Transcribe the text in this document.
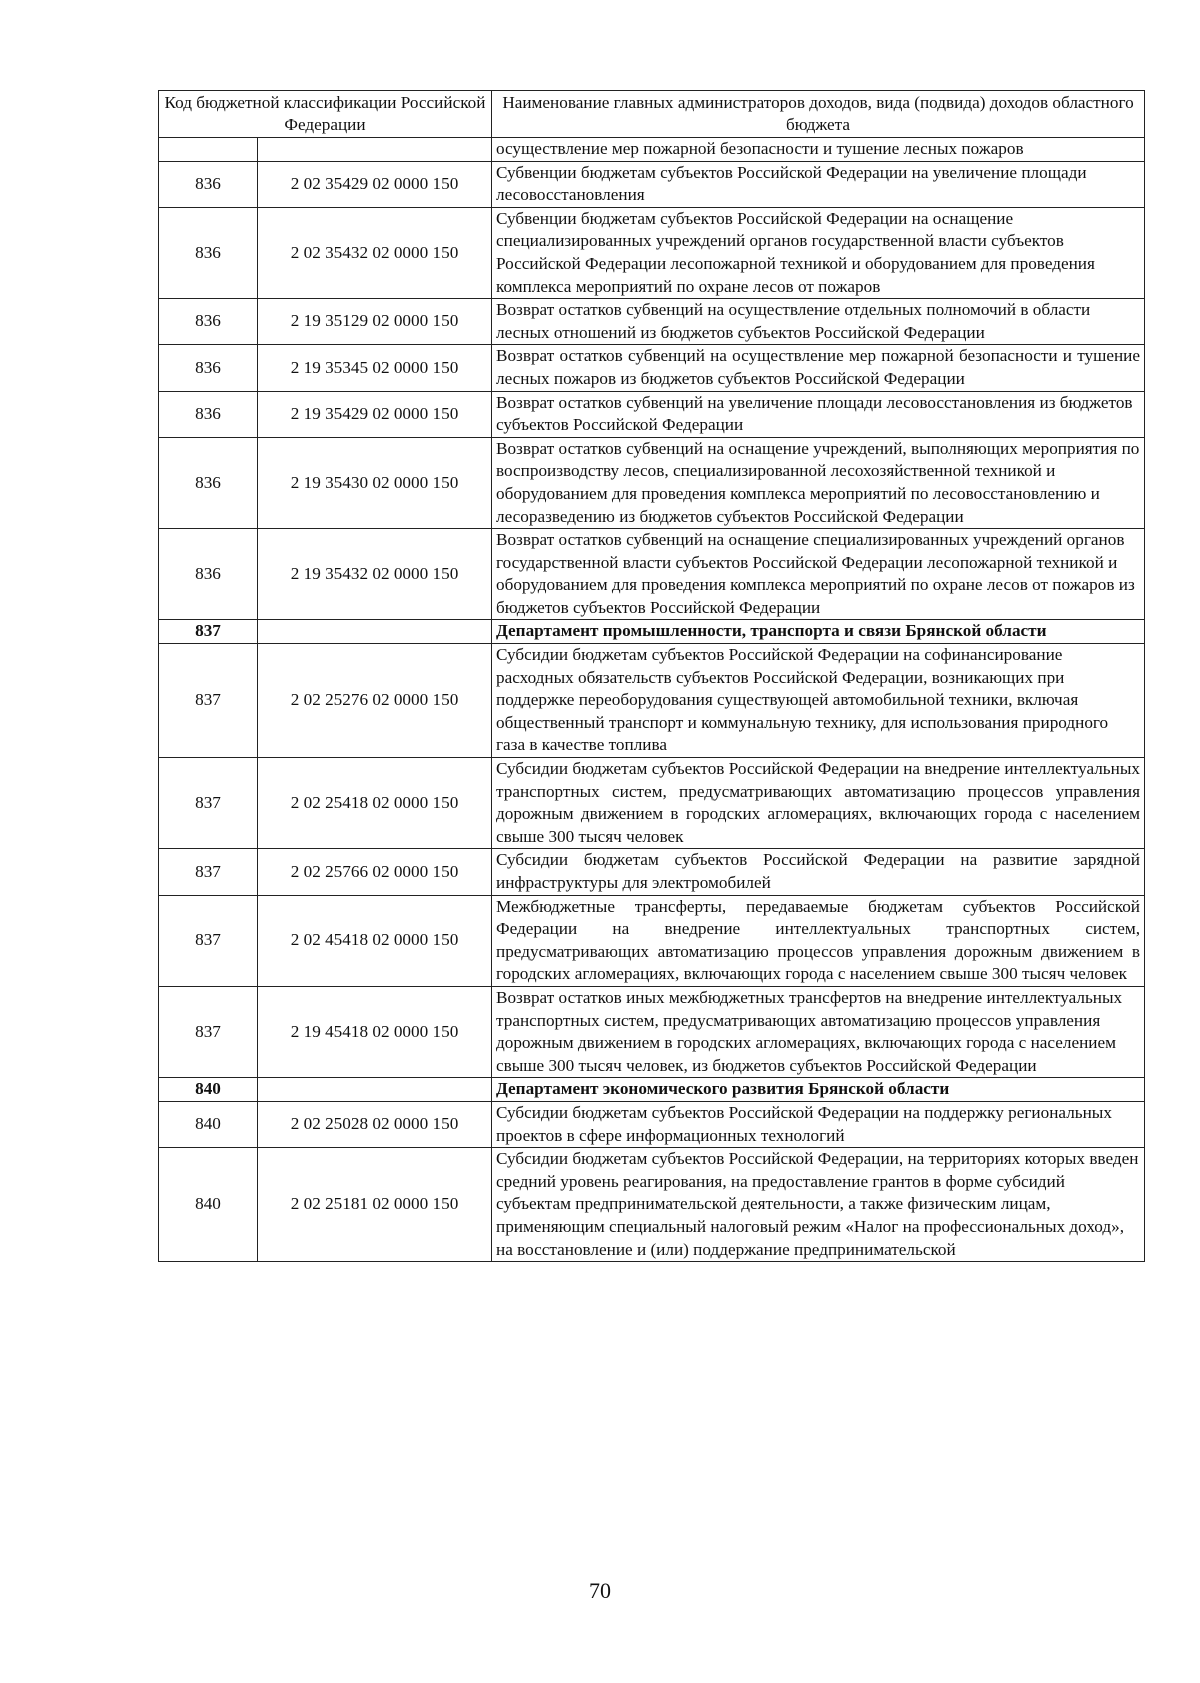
Код бюджетной классификации Российской Федерации		Наименование главных администраторов доходов, вида (подвида) доходов областного бюджета
		осуществление мер пожарной безопасности и тушение лесных пожаров
836	2 02 35429 02 0000 150	Субвенции бюджетам субъектов Российской Федерации на увеличение площади лесовосстановления
836	2 02 35432 02 0000 150	Субвенции бюджетам субъектов Российской Федерации на оснащение специализированных учреждений органов государственной власти субъектов Российской Федерации лесопожарной техникой и оборудованием для проведения комплекса мероприятий по охране лесов от пожаров
836	2 19 35129 02 0000 150	Возврат остатков субвенций на осуществление отдельных полномочий в области лесных отношений из бюджетов субъектов Российской Федерации
836	2 19 35345 02 0000 150	Возврат остатков субвенций на осуществление мер пожарной безопасности и тушение лесных пожаров из бюджетов субъектов Российской Федерации
836	2 19 35429 02 0000 150	Возврат остатков субвенций на увеличение площади лесовосстановления из бюджетов субъектов Российской Федерации
836	2 19 35430 02 0000 150	Возврат остатков субвенций на оснащение учреждений, выполняющих мероприятия по воспроизводству лесов, специализированной лесохозяйственной техникой и оборудованием для проведения комплекса мероприятий по лесовосстановлению и лесоразведению из бюджетов субъектов Российской Федерации
836	2 19 35432 02 0000 150	Возврат остатков субвенций на оснащение специализированных учреждений органов государственной власти субъектов Российской Федерации лесопожарной техникой и оборудованием для проведения комплекса мероприятий по охране лесов от пожаров из бюджетов субъектов Российской Федерации
837		Департамент промышленности, транспорта и связи Брянской области
837	2 02 25276 02 0000 150	Субсидии бюджетам субъектов Российской Федерации на софинансирование расходных обязательств субъектов Российской Федерации, возникающих при поддержке переоборудования существующей автомобильной техники, включая общественный транспорт и коммунальную технику, для использования природного газа в качестве топлива
837	2 02 25418 02 0000 150	Субсидии бюджетам субъектов Российской Федерации на внедрение интеллектуальных транспортных систем, предусматривающих автоматизацию процессов управления дорожным движением в городских агломерациях, включающих города с населением свыше 300 тысяч человек
837	2 02 25766 02 0000 150	Субсидии бюджетам субъектов Российской Федерации на развитие зарядной инфраструктуры для электромобилей
837	2 02 45418 02 0000 150	Межбюджетные трансферты, передаваемые бюджетам субъектов Российской Федерации на внедрение интеллектуальных транспортных систем, предусматривающих автоматизацию процессов управления дорожным движением в городских агломерациях, включающих города с населением свыше 300 тысяч человек
837	2 19 45418 02 0000 150	Возврат остатков иных межбюджетных трансфертов на внедрение интеллектуальных транспортных систем, предусматривающих автоматизацию процессов управления дорожным движением в городских агломерациях, включающих города с населением свыше 300 тысяч человек, из бюджетов субъектов Российской Федерации
840		Департамент экономического развития Брянской области
840	2 02 25028 02 0000 150	Субсидии бюджетам субъектов Российской Федерации на поддержку региональных проектов в сфере информационных технологий
840	2 02 25181 02 0000 150	Субсидии бюджетам субъектов Российской Федерации, на территориях которых введен средний уровень реагирования, на предоставление грантов в форме субсидий субъектам предпринимательской деятельности, а также физическим лицам, применяющим специальный налоговый режим «Налог на профессиональных доход», на восстановление и (или) поддержание предпринимательской
70
